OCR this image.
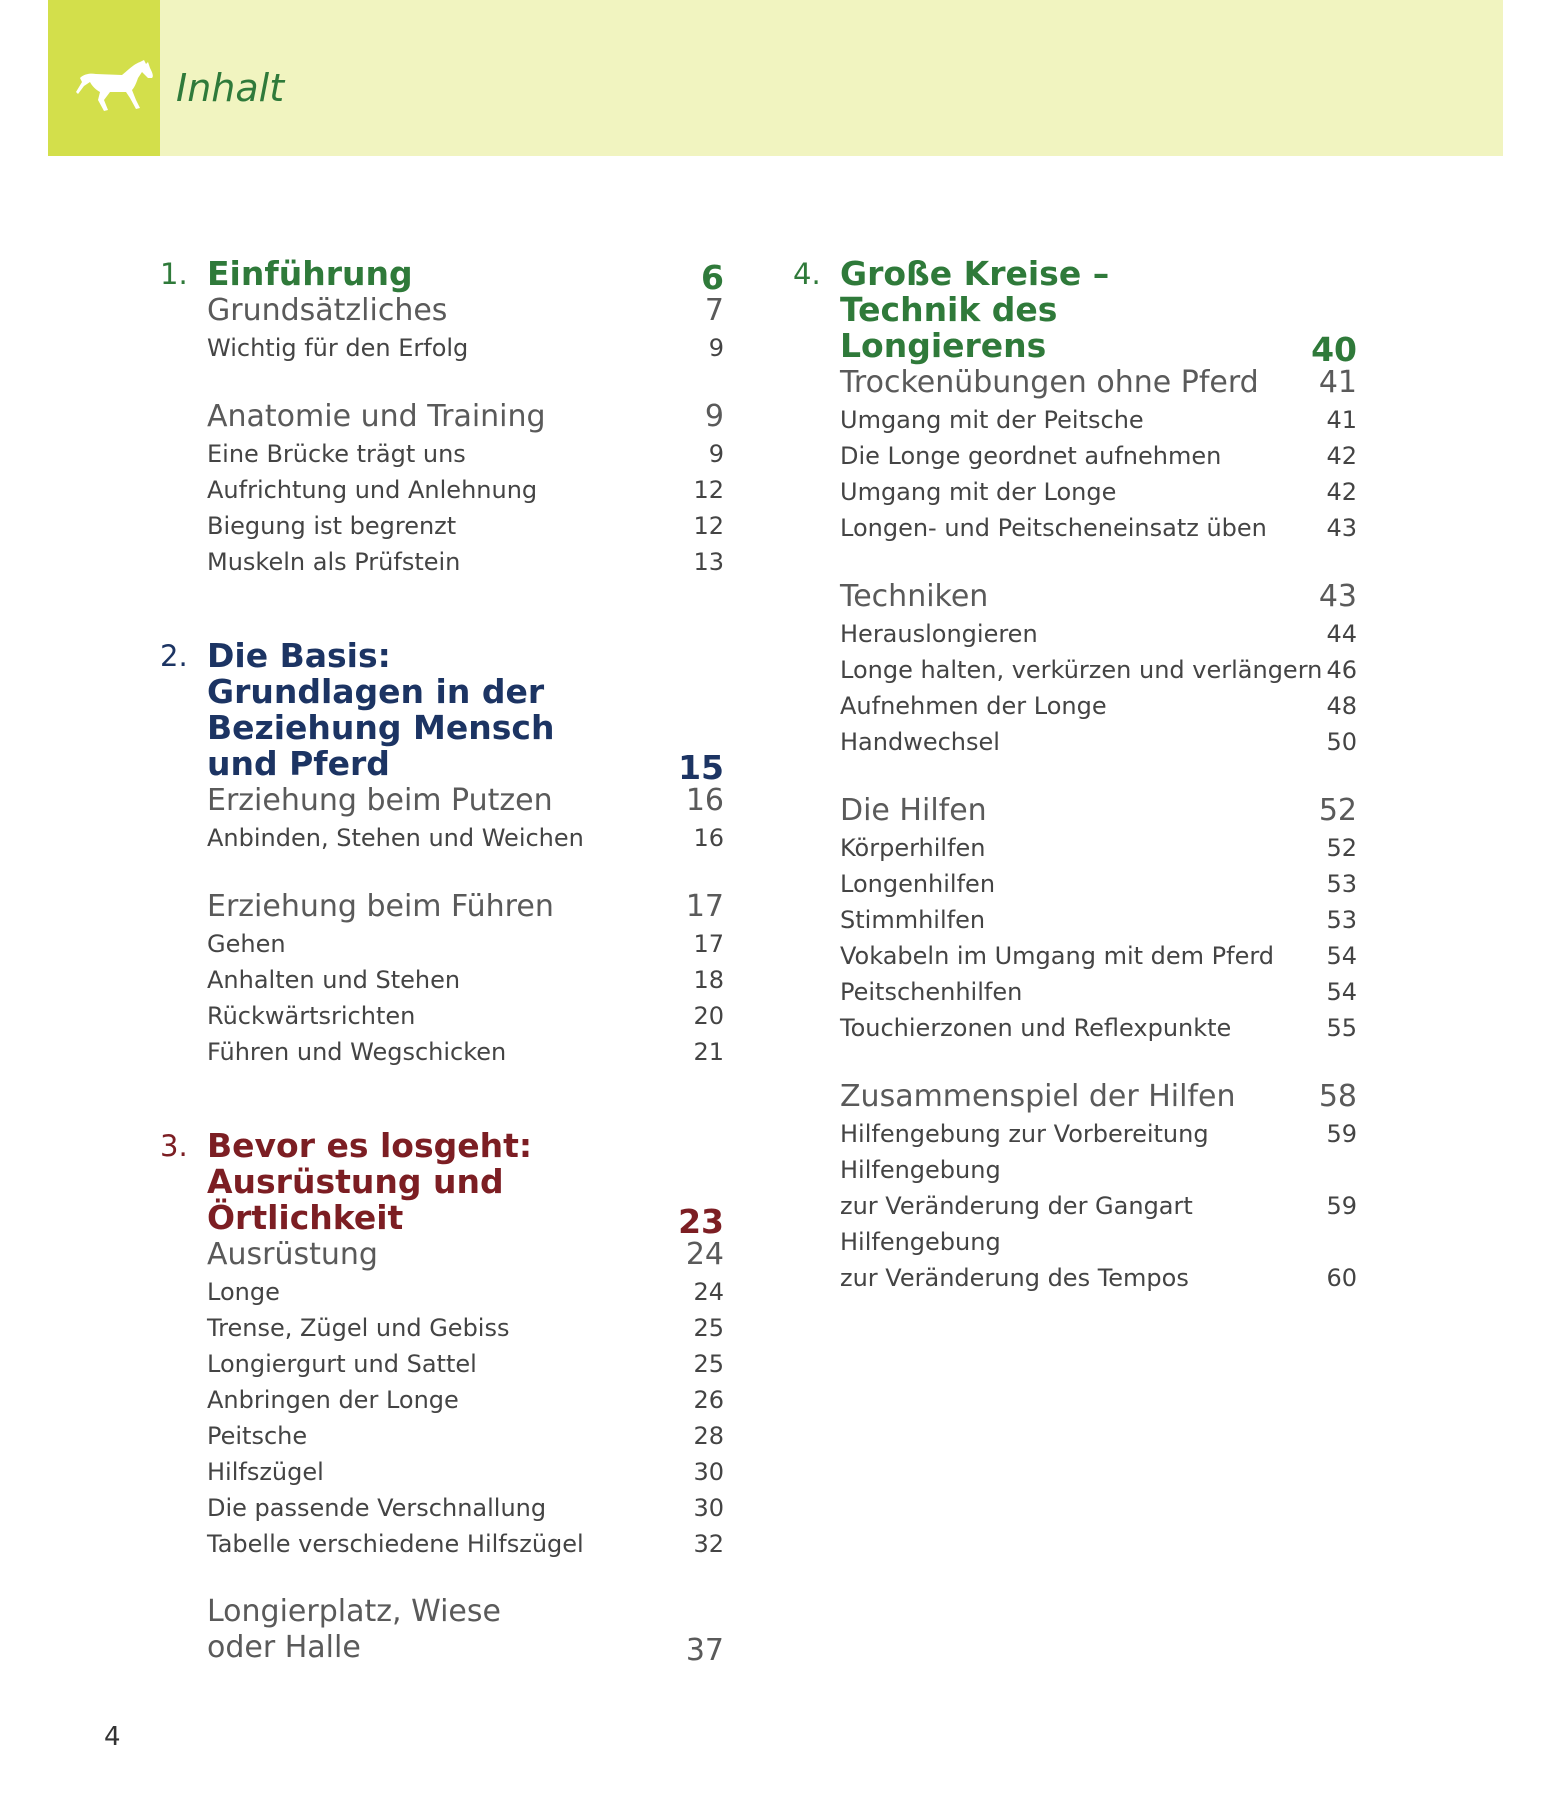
Inhalt
1. Einführung	6
Grundsätzliches	7
Wichtig für den Erfolg	9
Anatomie und Training	9
Eine Brücke trägt uns	9
Aufrichtung und Anlehnung	12
Biegung ist begrenzt	12
Muskeln als Prüfstein	13
2. Die Basis: Grundlagen in der Beziehung Mensch und Pferd	15
Erziehung beim Putzen	16
Anbinden, Stehen und Weichen	16
Erziehung beim Führen	17
Gehen	17
Anhalten und Stehen	18
Rückwärtsrichten	20
Führen und Wegschicken	21
3. Bevor es losgeht: Ausrüstung und Örtlichkeit	23
Ausrüstung	24
Longe	24
Trense, Zügel und Gebiss	25
Longiergurt und Sattel	25
Anbringen der Longe	26
Peitsche	28
Hilfszügel	30
Die passende Verschnallung	30
Tabelle verschiedene Hilfszügel	32
Longierplatz, Wiese oder Halle	37
4. Große Kreise – Technik des Longierens	40
Trockenübungen ohne Pferd 41
Umgang mit der Peitsche	41
Die Longe geordnet aufnehmen	42
Umgang mit der Longe	42
Longen- und Peitscheneinsatz üben 43
Techniken	43
Herauslongieren	44
Longe halten, verkürzen und verlängern 46
Aufnehmen der Longe	48
Handwechsel	50
Die Hilfen	52
Körperhilfen	52
Longenhilfen	53
Stimmhilfen	53
Vokabeln im Umgang mit dem Pferd 54
Peitschenhilfen	54
Touchierzonen und Reflexpunkte	55
Zusammenspiel der Hilfen	58
Hilfengebung zur Vorbereitung	59
Hilfengebung
zur Veränderung der Gangart	59
Hilfengebung
zur Veränderung des Tempos	60
4
